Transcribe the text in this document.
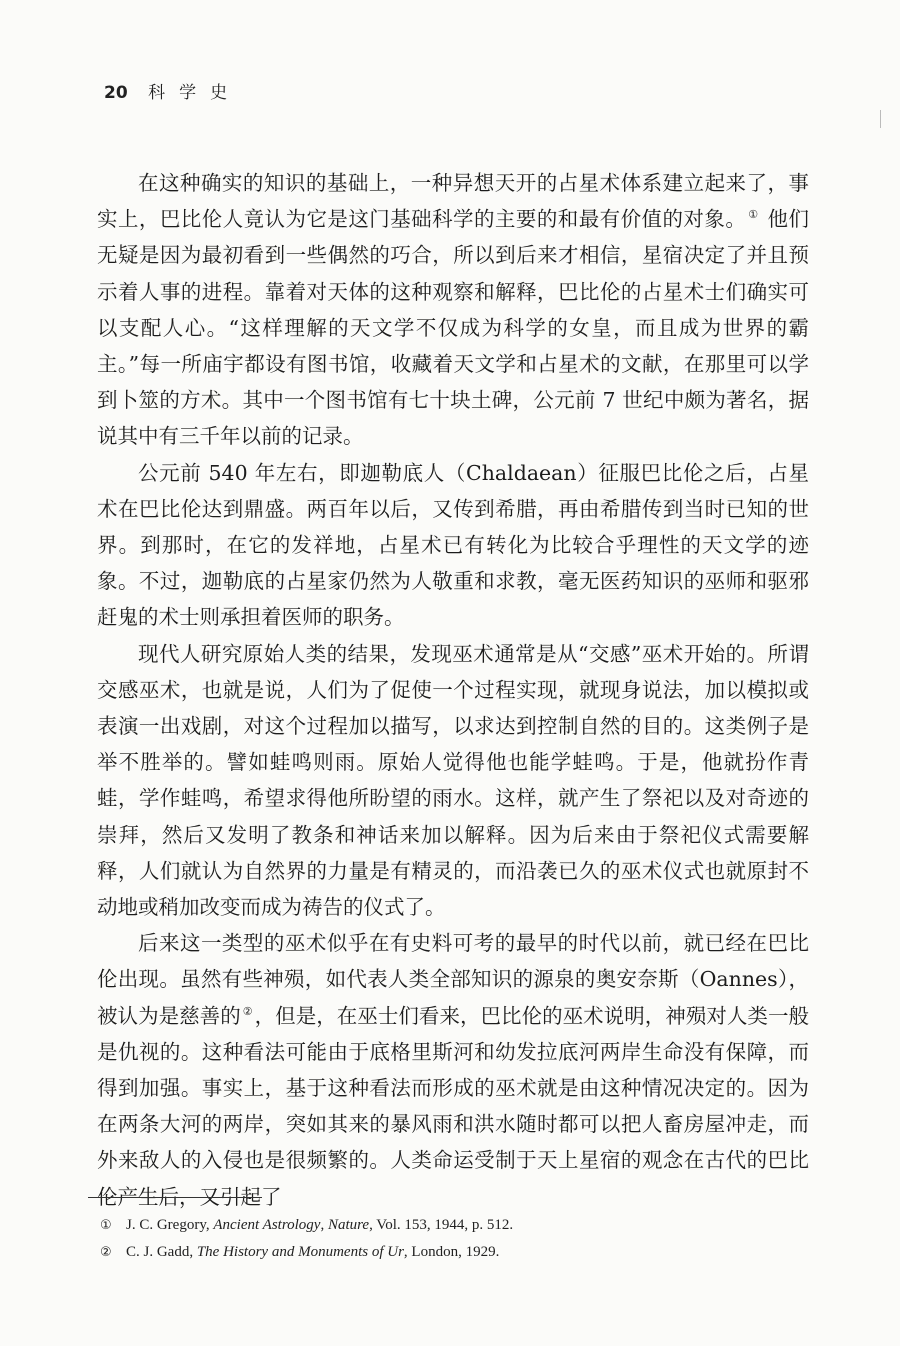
20 科学史

在这种确实的知识的基础上，一种异想天开的占星术体系建立起来了，事实上，巴比伦人竟认为它是这门基础科学的主要的和最有价值的对象。 ① 他们无疑是因为最初看到一些偶然的巧合，所以到后来才相信，星宿决定了并且预示着人事的进程。靠着对天体的这种观察和解释，巴比伦的占星术士们确实可以支配人心。“这样理解的天文学不仅成为科学的女皇，而且成为世界的霸主。”每一所庙宇都设有图书馆，收藏着天文学和占星术的文献，在那里可以学到卜筮的方术。其中一个图书馆有七十块土碑，公元前 7 世纪中颇为著名，据说其中有三千年以前的记录。

公元前 540 年左右，即迦勒底人（Chaldaean）征服巴比伦之后，占星术在巴比伦达到鼎盛。两百年以后，又传到希腊，再由希腊传到当时已知的世界。到那时，在它的发祥地，占星术已有转化为比较合乎理性的天文学的迹象。不过，迦勒底的占星家仍然为人敬重和求教，毫无医药知识的巫师和驱邪赶鬼的术士则承担着医师的职务。

现代人研究原始人类的结果，发现巫术通常是从“交感”巫术开始的。所谓交感巫术，也就是说，人们为了促使一个过程实现，就现身说法，加以模拟或表演一出戏剧，对这个过程加以描写，以求达到控制自然的目的。这类例子是举不胜举的。譬如蛙鸣则雨。原始人觉得他也能学蛙鸣。于是，他就扮作青蛙，学作蛙鸣，希望求得他所盼望的雨水。这样，就产生了祭祀以及对奇迹的崇拜，然后又发明了教条和神话来加以解释。因为后来由于祭祀仪式需要解释，人们就认为自然界的力量是有精灵的，而沿袭已久的巫术仪式也就原封不动地或稍加改变而成为祷告的仪式了。

后来这一类型的巫术似乎在有史料可考的最早的时代以前，就已经在巴比伦出现。虽然有些神殒，如代表人类全部知识的源泉的奥安奈斯（Oannes），被认为是慈善的 ②，但是，在巫士们看来，巴比伦的巫术说明，神殒对人类一般是仇视的。这种看法可能由于底格里斯河和幼发拉底河两岸生命没有保障，而得到加强。事实上，基于这种看法而形成的巫术就是由这种情况决定的。因为在两条大河的两岸，突如其来的暴风雨和洪水随时都可以把人畜房屋冲走，而外来敌人的入侵也是很频繁的。人类命运受制于天上星宿的观念在古代的巴比伦产生后，又引起了

① J. C. Gregory, Ancient Astrology, Nature, Vol. 153, 1944, p. 512.
② C. J. Gadd, The History and Monuments of Ur, London, 1929.
